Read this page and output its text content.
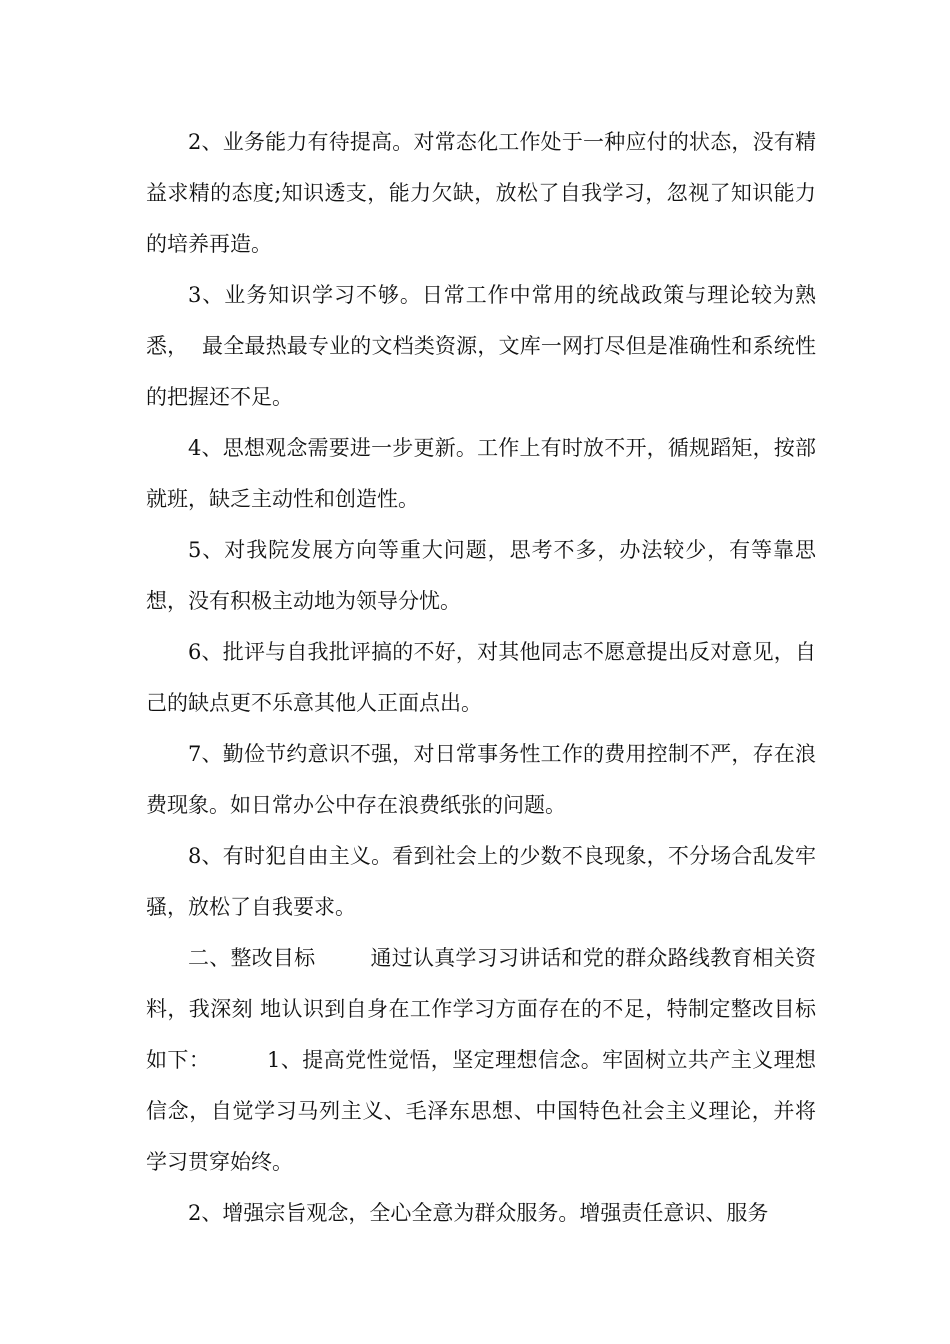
2、业务能力有待提高。对常态化工作处于一种应付的状态，没有精益求精的态度;知识透支，能力欠缺，放松了自我学习，忽视了知识能力的培养再造。

3、业务知识学习不够。日常工作中常用的统战政策与理论较为熟悉，  最全最热最专业的文档类资源，文库一网打尽但是准确性和系统性的把握还不足。

4、思想观念需要进一步更新。工作上有时放不开，循规蹈矩，按部就班，缺乏主动性和创造性。

5、对我院发展方向等重大问题，思考不多，办法较少，有等靠思想，没有积极主动地为领导分忧。

6、批评与自我批评搞的不好，对其他同志不愿意提出反对意见，自己的缺点更不乐意其他人正面点出。

7、勤俭节约意识不强，对日常事务性工作的费用控制不严，存在浪费现象。如日常办公中存在浪费纸张的问题。

8、有时犯自由主义。看到社会上的少数不良现象，不分场合乱发牢骚，放松了自我要求。

二、整改目标        通过认真学习习讲话和党的群众路线教育相关资料，我深刻 地认识到自身在工作学习方面存在的不足，特制定整改目标如下：        1、提高党性觉悟，坚定理想信念。牢固树立共产主义理想信念，自觉学习马列主义、毛泽东思想、中国特色社会主义理论，并将学习贯穿始终。

2、增强宗旨观念，全心全意为群众服务。增强责任意识、服务
